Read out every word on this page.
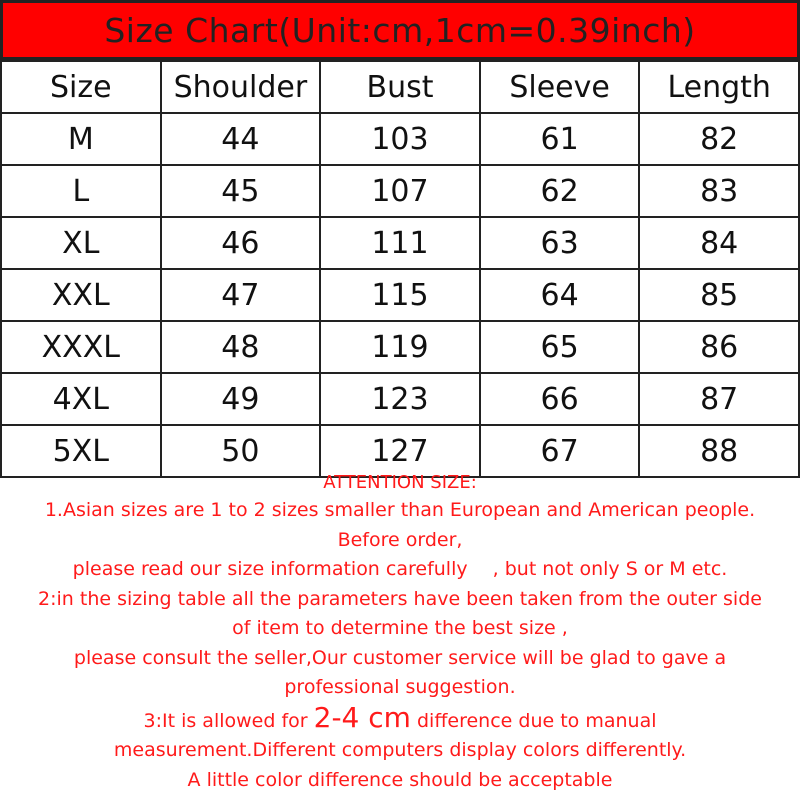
Size Chart(Unit:cm,1cm=0.39inch)
Size	Shoulder	Bust	Sleeve	Length
M	44	103	61	82
L	45	107	62	83
XL	46	111	63	84
XXL	47	115	64	85
XXXL	48	119	65	86
4XL	49	123	66	87
5XL	50	127	67	88
ATTENTION SIZE:
1.Asian sizes are 1 to 2 sizes smaller than European and American people.
Before order,
please read our size information carefully 　, but not only S or M etc.
2:in the sizing table all the parameters have been taken from the outer side
of item to determine the best size ,
please consult the seller,Our customer service will be glad to gave a
professional suggestion.
3:It is allowed for 2-4 cm difference due to manual
measurement.Different computers display colors differently.
A little color difference should be acceptable
